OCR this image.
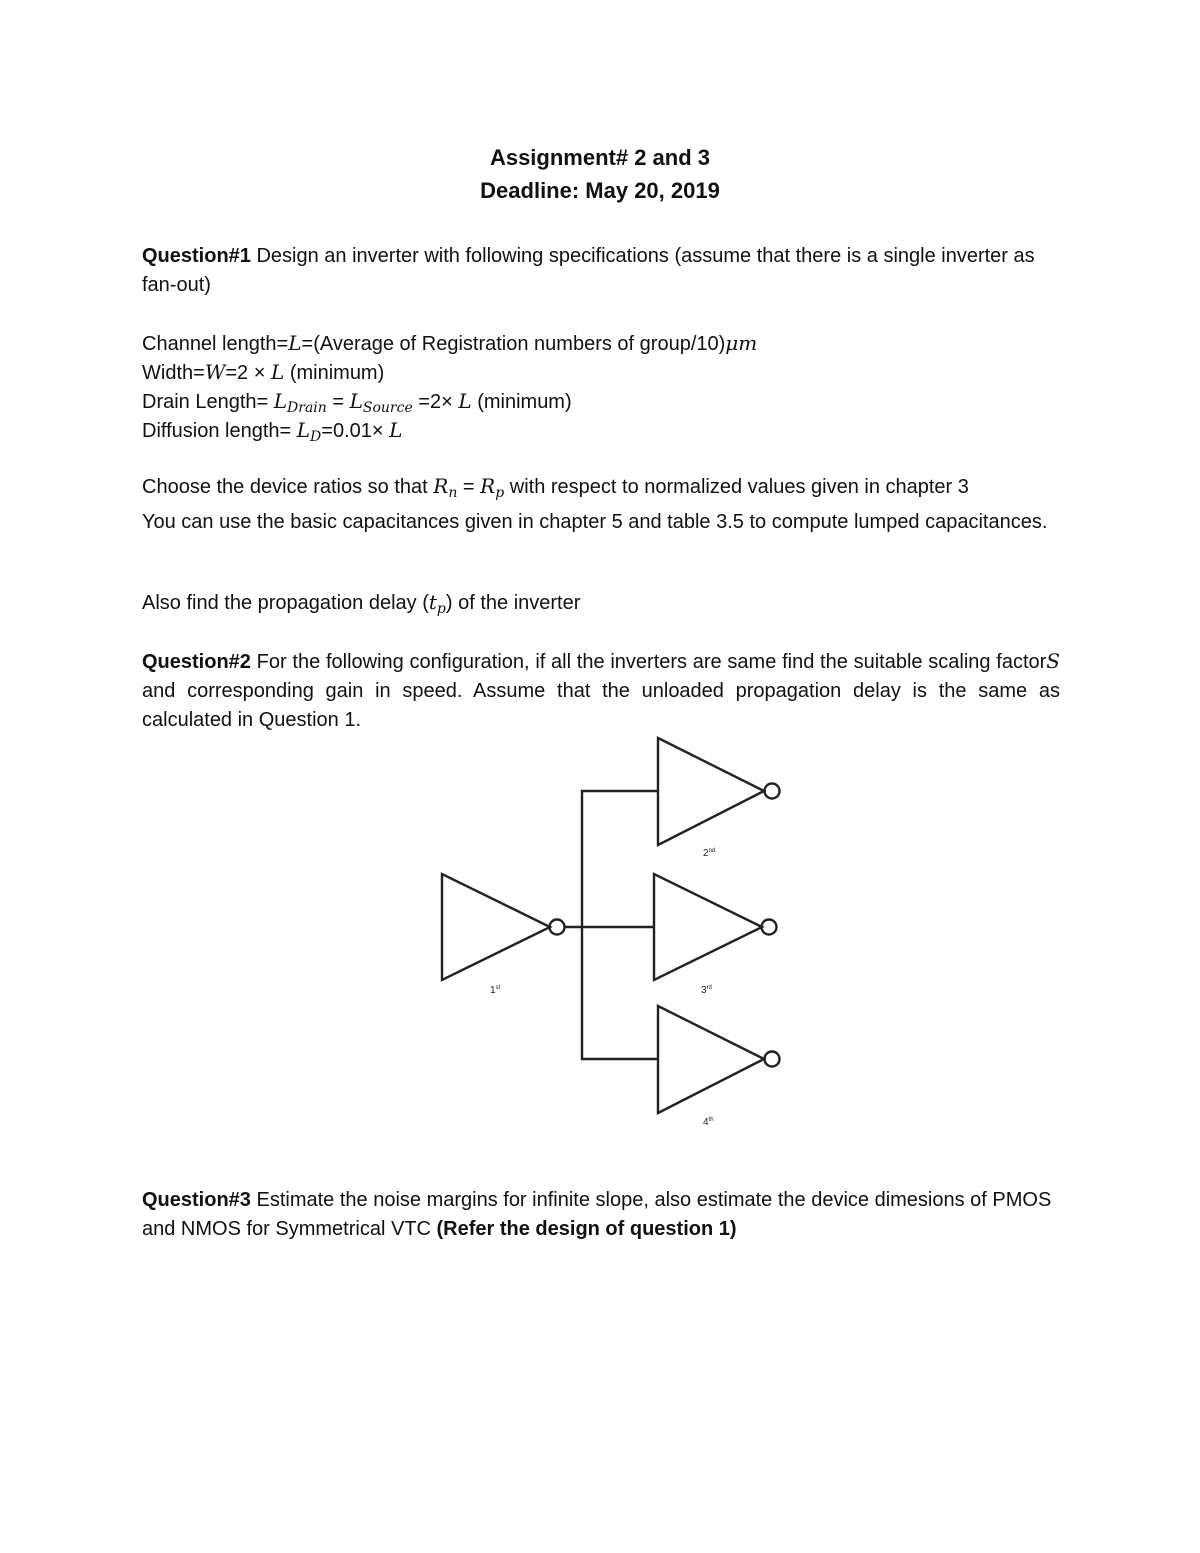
Assignment# 2 and 3
Deadline: May 20, 2019
Question#1 Design an inverter with following specifications (assume that there is a single inverter as fan-out)
Channel length=L=(Average of Registration numbers of group/10)μm
Width=W=2 × L (minimum)
Drain Length= $L_{Drain} = L_{Source} =2\times L$ (minimum)
Diffusion length= $L_D=0.01\times L$
Choose the device ratios so that $R_n = R_p$ with respect to normalized values given in chapter 3
You can use the basic capacitances given in chapter 5 and table 3.5 to compute lumped capacitances.
Also find the propagation delay $(t_p)$ of the inverter
Question#2 For the following configuration, if all the inverters are same find the suitable scaling factorS and corresponding gain in speed. Assume that the unloaded propagation delay is the same as calculated in Question 1.
1st
2nd
3rd
4th
Question#3 Estimate the noise margins for infinite slope, also estimate the device dimesions of PMOS and NMOS for Symmetrical VTC (Refer the design of question 1)
